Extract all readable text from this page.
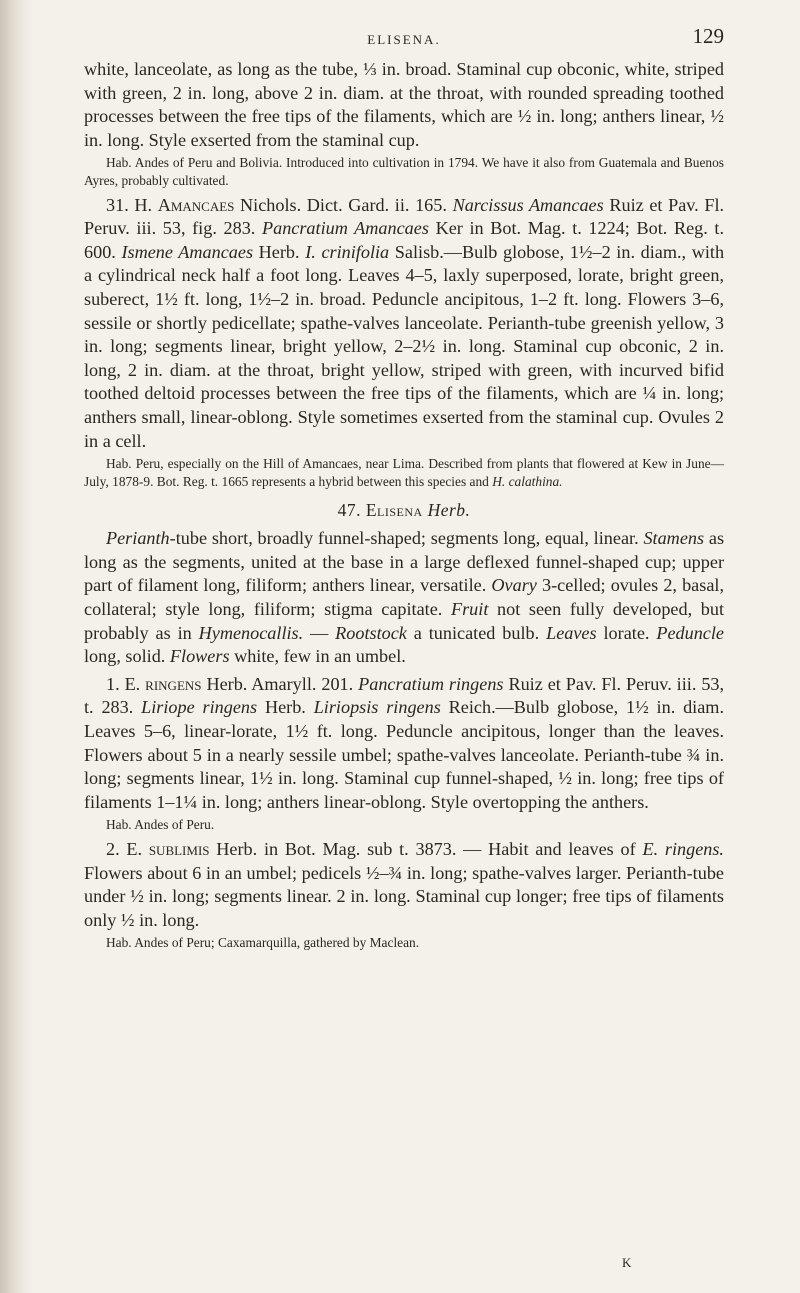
ELISENA.	129

white, lanceolate, as long as the tube, ⅓ in. broad. Staminal cup obconic, white, striped with green, 2 in. long, above 2 in. diam. at the throat, with rounded spreading toothed processes between the free tips of the filaments, which are ½ in. long; anthers linear, ½ in. long. Style exserted from the staminal cup.

Hab. Andes of Peru and Bolivia. Introduced into cultivation in 1794. We have it also from Guatemala and Buenos Ayres, probably cultivated.

31. H. Amancaes Nichols. Dict. Gard. ii. 165. Narcissus Amancaes Ruiz et Pav. Fl. Peruv. iii. 53, fig. 283. Pancratium Amancaes Ker in Bot. Mag. t. 1224; Bot. Reg. t. 600. Ismene Amancaes Herb. I. crinifolia Salisb.—Bulb globose, 1½–2 in. diam., with a cylindrical neck half a foot long. Leaves 4–5, laxly superposed, lorate, bright green, suberect, 1½ ft. long, 1½–2 in. broad. Peduncle ancipitous, 1–2 ft. long. Flowers 3–6, sessile or shortly pedicellate; spathe-valves lanceolate. Perianth-tube greenish yellow, 3 in. long; segments linear, bright yellow, 2–2½ in. long. Staminal cup obconic, 2 in. long, 2 in. diam. at the throat, bright yellow, striped with green, with incurved bifid toothed deltoid processes between the free tips of the filaments, which are ¼ in. long; anthers small, linear-oblong. Style sometimes exserted from the staminal cup. Ovules 2 in a cell.

Hab. Peru, especially on the Hill of Amancaes, near Lima. Described from plants that flowered at Kew in June—July, 1878-9. Bot. Reg. t. 1665 represents a hybrid between this species and H. calathina.

47. Elisena Herb.

Perianth-tube short, broadly funnel-shaped; segments long, equal, linear. Stamens as long as the segments, united at the base in a large deflexed funnel-shaped cup; upper part of filament long, filiform; anthers linear, versatile. Ovary 3-celled; ovules 2, basal, collateral; style long, filiform; stigma capitate. Fruit not seen fully developed, but probably as in Hymenocallis. — Rootstock a tunicated bulb. Leaves lorate. Peduncle long, solid. Flowers white, few in an umbel.

1. E. ringens Herb. Amaryll. 201. Pancratium ringens Ruiz et Pav. Fl. Peruv. iii. 53, t. 283. Liriope ringens Herb. Liriopsis ringens Reich.—Bulb globose, 1½ in. diam. Leaves 5–6, linear-lorate, 1½ ft. long. Peduncle ancipitous, longer than the leaves. Flowers about 5 in a nearly sessile umbel; spathe-valves lanceolate. Perianth-tube ¾ in. long; segments linear, 1½ in. long. Staminal cup funnel-shaped, ½ in. long; free tips of filaments 1–1¼ in. long; anthers linear-oblong. Style overtopping the anthers.

Hab. Andes of Peru.

2. E. sublimis Herb. in Bot. Mag. sub t. 3873. — Habit and leaves of E. ringens. Flowers about 6 in an umbel; pedicels ½–¾ in. long; spathe-valves larger. Perianth-tube under ½ in. long; segments linear. 2 in. long. Staminal cup longer; free tips of filaments only ½ in. long.

Hab. Andes of Peru; Caxamarquilla, gathered by Maclean.

K
